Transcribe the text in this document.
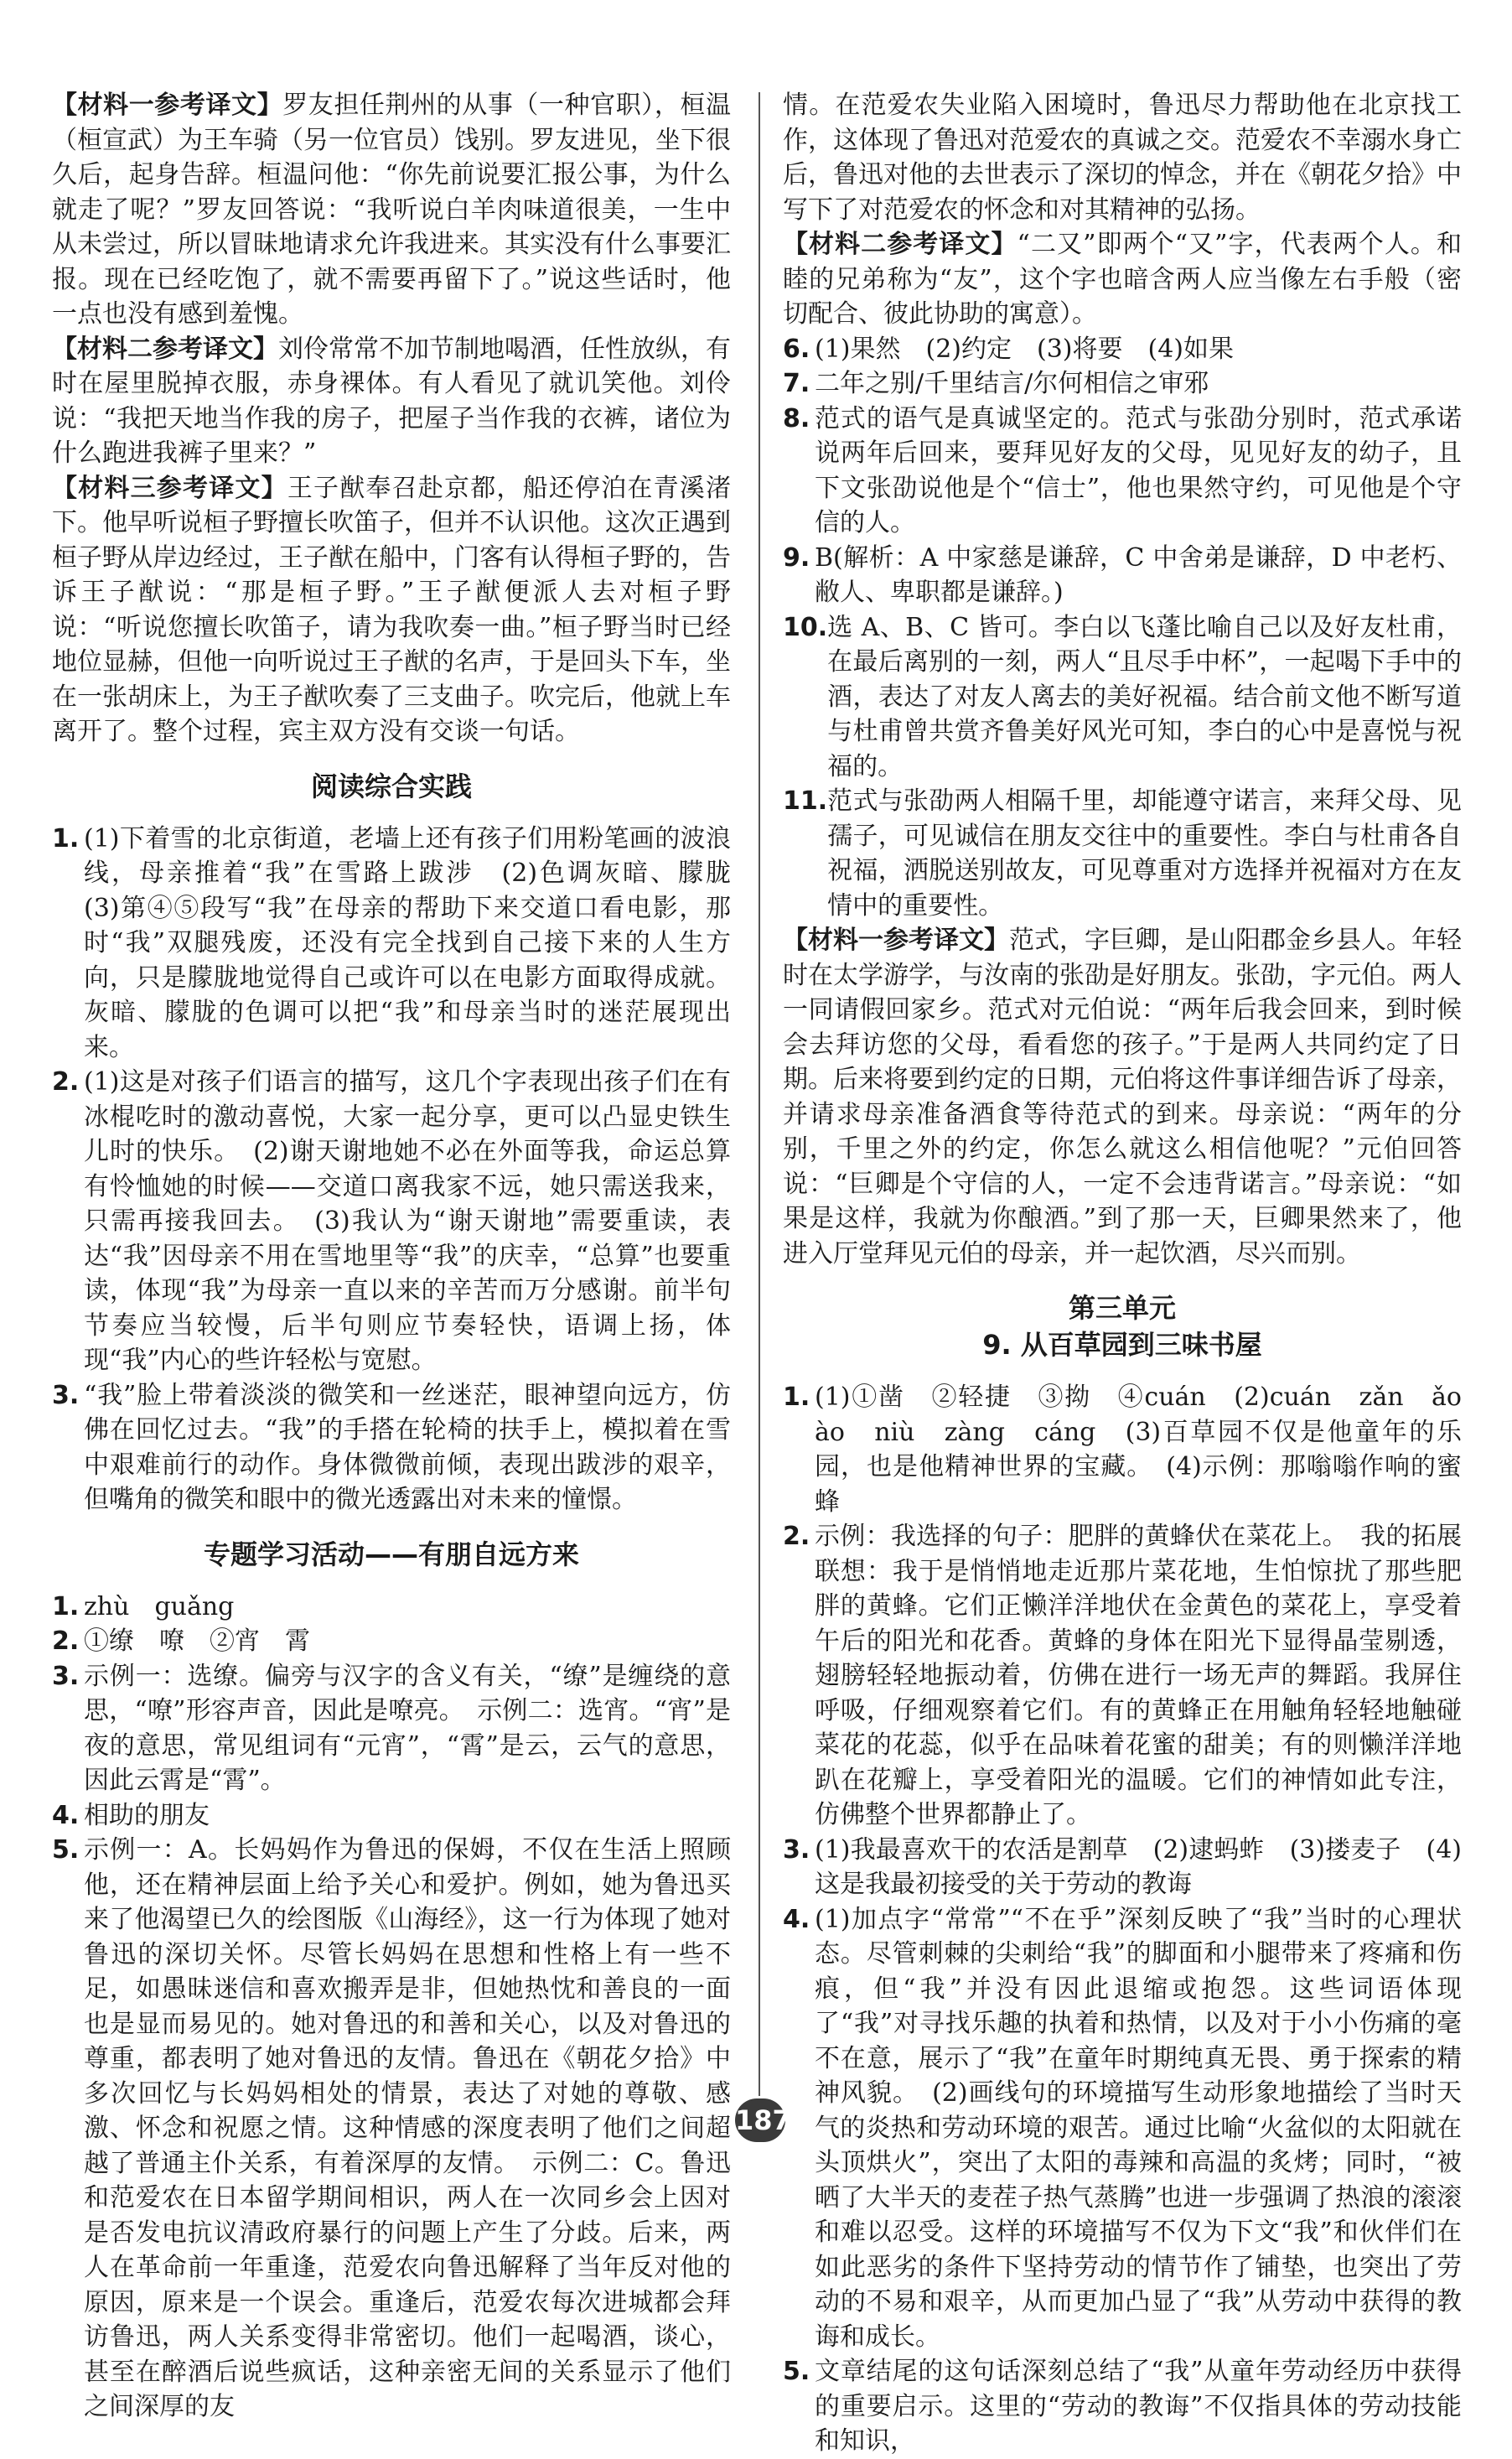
【材料一参考译文】罗友担任荆州的从事（一种官职），桓温（桓宣武）为王车骑（另一位官员）饯别。罗友进见，坐下很久后，起身告辞。桓温问他：“你先前说要汇报公事，为什么就走了呢？”罗友回答说：“我听说白羊肉味道很美，一生中从未尝过，所以冒昧地请求允许我进来。其实没有什么事要汇报。现在已经吃饱了，就不需要再留下了。”说这些话时，他一点也没有感到羞愧。

【材料二参考译文】刘伶常常不加节制地喝酒，任性放纵，有时在屋里脱掉衣服，赤身裸体。有人看见了就讥笑他。刘伶说：“我把天地当作我的房子，把屋子当作我的衣裤，诸位为什么跑进我裤子里来？”

【材料三参考译文】王子猷奉召赴京都，船还停泊在青溪渚下。他早听说桓子野擅长吹笛子，但并不认识他。这次正遇到桓子野从岸边经过，王子猷在船中，门客有认得桓子野的，告诉王子猷说：“那是桓子野。”王子猷便派人去对桓子野说：“听说您擅长吹笛子，请为我吹奏一曲。”桓子野当时已经地位显赫，但他一向听说过王子猷的名声，于是回头下车，坐在一张胡床上，为王子猷吹奏了三支曲子。吹完后，他就上车离开了。整个过程，宾主双方没有交谈一句话。

阅读综合实践
1. (1)下着雪的北京街道，老墙上还有孩子们用粉笔画的波浪线，母亲推着“我”在雪路上跋涉　(2)色调灰暗、朦胧　(3)第④⑤段写“我”在母亲的帮助下来交道口看电影，那时“我”双腿残废，还没有完全找到自己接下来的人生方向，只是朦胧地觉得自己或许可以在电影方面取得成就。灰暗、朦胧的色调可以把“我”和母亲当时的迷茫展现出来。
2. (1)这是对孩子们语言的描写，这几个字表现出孩子们在有冰棍吃时的激动喜悦，大家一起分享，更可以凸显史铁生儿时的快乐。　(2)谢天谢地她不必在外面等我，命运总算有怜恤她的时候——交道口离我家不远，她只需送我来，只需再接我回去。　(3)我认为“谢天谢地”需要重读，表达“我”因母亲不用在雪地里等“我”的庆幸，“总算”也要重读，体现“我”为母亲一直以来的辛苦而万分感谢。前半句节奏应当较慢，后半句则应节奏轻快，语调上扬，体现“我”内心的些许轻松与宽慰。
3. “我”脸上带着淡淡的微笑和一丝迷茫，眼神望向远方，仿佛在回忆过去。“我”的手搭在轮椅的扶手上，模拟着在雪中艰难前行的动作。身体微微前倾，表现出跋涉的艰辛，但嘴角的微笑和眼中的微光透露出对未来的憧憬。
专题学习活动——有朋自远方来
1. zhù　guǎng
2. ①缭　嘹　②宵　霄
3. 示例一：选缭。偏旁与汉字的含义有关，“缭”是缠绕的意思，“嘹”形容声音，因此是嘹亮。　示例二：选宵。“宵”是夜的意思，常见组词有“元宵”，“霄”是云，云气的意思，因此云霄是“霄”。
4. 相助的朋友
5. 示例一：A。长妈妈作为鲁迅的保姆，不仅在生活上照顾他，还在精神层面上给予关心和爱护。例如，她为鲁迅买来了他渴望已久的绘图版《山海经》，这一行为体现了她对鲁迅的深切关怀。尽管长妈妈在思想和性格上有一些不足，如愚昧迷信和喜欢搬弄是非，但她热忱和善良的一面也是显而易见的。她对鲁迅的和善和关心，以及对鲁迅的尊重，都表明了她对鲁迅的友情。鲁迅在《朝花夕拾》中多次回忆与长妈妈相处的情景，表达了对她的尊敬、感激、怀念和祝愿之情。这种情感的深度表明了他们之间超越了普通主仆关系，有着深厚的友情。　示例二：C。鲁迅和范爱农在日本留学期间相识，两人在一次同乡会上因对是否发电抗议清政府暴行的问题上产生了分歧。后来，两人在革命前一年重逢，范爱农向鲁迅解释了当年反对他的原因，原来是一个误会。重逢后，范爱农每次进城都会拜访鲁迅，两人关系变得非常密切。他们一起喝酒，谈心，甚至在醉酒后说些疯话，这种亲密无间的关系显示了他们之间深厚的友

情。在范爱农失业陷入困境时，鲁迅尽力帮助他在北京找工作，这体现了鲁迅对范爱农的真诚之交。范爱农不幸溺水身亡后，鲁迅对他的去世表示了深切的悼念，并在《朝花夕拾》中写下了对范爱农的怀念和对其精神的弘扬。

【材料二参考译文】“二又”即两个“又”字，代表两个人。和睦的兄弟称为“友”，这个字也暗含两人应当像左右手般（密切配合、彼此协助的寓意）。

6. (1)果然　(2)约定　(3)将要　(4)如果
7. 二年之别/千里结言/尔何相信之审邪
8. 范式的语气是真诚坚定的。范式与张劭分别时，范式承诺说两年后回来，要拜见好友的父母，见见好友的幼子，且下文张劭说他是个“信士”，他也果然守约，可见他是个守信的人。
9. B(解析：A 中家慈是谦辞，C 中舍弟是谦辞，D 中老朽、敝人、卑职都是谦辞。)
10. 选 A、B、C 皆可。李白以飞蓬比喻自己以及好友杜甫，在最后离别的一刻，两人“且尽手中杯”，一起喝下手中的酒，表达了对友人离去的美好祝福。结合前文他不断写道与杜甫曾共赏齐鲁美好风光可知，李白的心中是喜悦与祝福的。
11. 范式与张劭两人相隔千里，却能遵守诺言，来拜父母、见孺子，可见诚信在朋友交往中的重要性。李白与杜甫各自祝福，洒脱送别故友，可见尊重对方选择并祝福对方在友情中的重要性。

【材料一参考译文】范式，字巨卿，是山阳郡金乡县人。年轻时在太学游学，与汝南的张劭是好朋友。张劭，字元伯。两人一同请假回家乡。范式对元伯说：“两年后我会回来，到时候会去拜访您的父母，看看您的孩子。”于是两人共同约定了日期。后来将要到约定的日期，元伯将这件事详细告诉了母亲，并请求母亲准备酒食等待范式的到来。母亲说：“两年的分别，千里之外的约定，你怎么就这么相信他呢？”元伯回答说：“巨卿是个守信的人，一定不会违背诺言。”母亲说：“如果是这样，我就为你酿酒。”到了那一天，巨卿果然来了，他进入厅堂拜见元伯的母亲，并一起饮酒，尽兴而别。

第三单元
9. 从百草园到三味书屋
1. (1)①凿　②轻捷　③拗　④cuán　(2)cuán　zǎn　ǎo　ào　niù　zàng　cáng　(3)百草园不仅是他童年的乐园，也是他精神世界的宝藏。　(4)示例：那嗡嗡作响的蜜蜂
2. 示例：我选择的句子：肥胖的黄蜂伏在菜花上。　我的拓展联想：我于是悄悄地走近那片菜花地，生怕惊扰了那些肥胖的黄蜂。它们正懒洋洋地伏在金黄色的菜花上，享受着午后的阳光和花香。黄蜂的身体在阳光下显得晶莹剔透，翅膀轻轻地振动着，仿佛在进行一场无声的舞蹈。我屏住呼吸，仔细观察着它们。有的黄蜂正在用触角轻轻地触碰菜花的花蕊，似乎在品味着花蜜的甜美；有的则懒洋洋地趴在花瓣上，享受着阳光的温暖。它们的神情如此专注，仿佛整个世界都静止了。
3. (1)我最喜欢干的农活是割草　(2)逮蚂蚱　(3)搂麦子　(4)这是我最初接受的关于劳动的教诲
4. (1)加点字“常常”“不在乎”深刻反映了“我”当时的心理状态。尽管刺棘的尖刺给“我”的脚面和小腿带来了疼痛和伤痕，但“我”并没有因此退缩或抱怨。这些词语体现了“我”对寻找乐趣的执着和热情，以及对于小小伤痛的毫不在意，展示了“我”在童年时期纯真无畏、勇于探索的精神风貌。　(2)画线句的环境描写生动形象地描绘了当时天气的炎热和劳动环境的艰苦。通过比喻“火盆似的太阳就在头顶烘火”，突出了太阳的毒辣和高温的炙烤；同时，“被晒了大半天的麦茬子热气蒸腾”也进一步强调了热浪的滚滚和难以忍受。这样的环境描写不仅为下文“我”和伙伴们在如此恶劣的条件下坚持劳动的情节作了铺垫，也突出了劳动的不易和艰辛，从而更加凸显了“我”从劳动中获得的教诲和成长。
5. 文章结尾的这句话深刻总结了“我”从童年劳动经历中获得的重要启示。这里的“劳动的教诲”不仅指具体的劳动技能和知识，
187
